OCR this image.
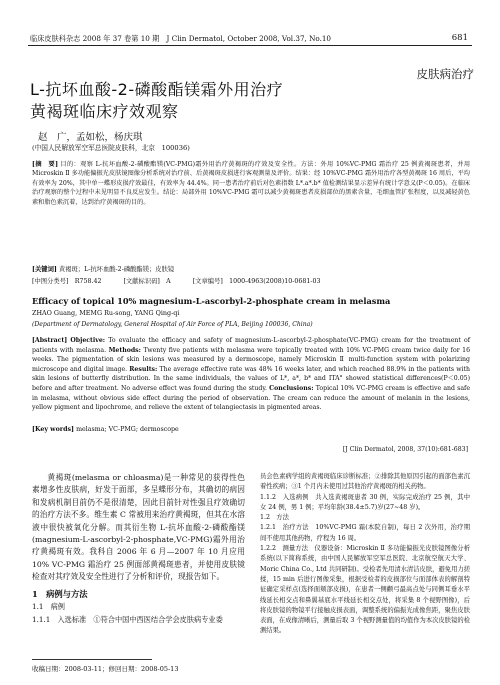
临床皮肤科杂志 2008 年 37 卷第 10 期　J Clin Dermatol, October 2008, Vol.37, No.10	681
皮肤病治疗
L-抗坏血酸-2-磷酸酯镁霜外用治疗
黄褐斑临床疗效观察
赵　广，孟如松，杨庆琪
(中国人民解放军空军总医院皮肤科，北京　100036)
[摘　要] 目的：观察 L-抗坏血酸-2-磷酸酯镁(VC-PMG)霜外用治疗黄褐斑的疗效及安全性。方法：外用 10%VC-PMG 霜治疗 25 例黄褐斑患者，并用 Microskin Ⅱ 多功能偏振光皮肤镜图像分析系统对治疗前、后黄褐斑皮损进行客观测量及评价。结果：经 10%VC-PMG 霜外用治疗各型黄褐斑 16 周后，平均有效率为 20%，其中单一蝶形皮损疗效最佳，有效率为 44.4%。同一患者治疗前后对色素指数 L*.a*.b* 值检测结果显示差异有统计学意义(P＜0.05)。在临床治疗观察的整个过程中未见明显不良反应发生。结论：局部外用 10%VC-PMG 霜可以减少黄褐斑患者皮损部位的黑素含量，毛细血管扩张程度，以及减轻黄色素和脂色素沉着，达到治疗黄褐斑的目的。
[关键词] 黄褐斑；L-抗坏血酸-2-磷酸酯镁；皮肤镜
[中图分类号]　R758.42	[文献标识码]　A	[文章编号]　1000-4963(2008)10-0681-03
Efficacy of topical 10% magnesium-L-ascorbyl-2-phosphate cream in melasma
ZHAO Guang, MEMG Ru-song, YANG Qing-qi
(Department of Dermatology, General Hospital of Air Force of PLA, Beijing 100036, China)
[Abstract] Objective: To evaluate the efficacy and safety of magnesium-L-ascorbyl-2-phosphate(VC-PMG) cream for the treatment of patients with melasma. Methods: Twenty five patients with melasma were topically treated with 10% VC-PMG cream twice daily for 16 weeks. The pigmentation of skin lesions was measured by a dermoscope, namely Microskin Ⅱ multi-function system with polarizing microscope and digital image. Results: The average effective rate was 48% 16 weeks later, and which reached 88.9% in the patients with skin lesions of butterfly distribution. In the same individuals, the values of L*, a*, b* and ITA° showed statistical differences(P＜0.05) before and after treatment. No adverse effect was found during the study. Conclusions: Topical 10% VC-PMG cream is effective and safe in melasma, without obvious side effect during the period of observation. The cream can reduce the amount of melanin in the lesions, yellow pigment and lipochrome, and relieve the extent of telangiectasis in pigmented areas.
[Key words] melasma; VC-PMG; dermoscope
[J Clin Dermatol, 2008, 37(10):681-683]

黄褐斑(melasma or chloasma)是一种常见的获得性色素增多性皮肤病，好发于面部，多呈蝶形分布，其确切的病因和发病机制目前仍不是很清楚，因此目前针对性强且疗效确切的治疗方法不多。维生素 C 常被用来治疗黄褐斑，但其在水溶液中很快被氧化分解。而其衍生物 L-抗坏血酸-2-磷酸酯镁(magnesium-L-ascorbyl-2-phosphate,VC-PMG)霜外用治疗黄褐斑有效。我科自 2006 年 6 月—2007 年 10 月应用 10% VC-PMG 霜治疗 25 例面部黄褐斑患者，并使用皮肤镜检查对其疗效及安全性进行了分析和评价，现报告如下。

1　病例与方法

1.1　病例

1.1.1　入选标准　①符合中国中西医结合学会皮肤病专业委

员会色素病学组的黄褐斑临床诊断标准；②排除其他原因引起的面部色素沉着性疾病；③1 个月内未使用过其他治疗黄褐斑的相关药物。

1.1.2　入选病例　共入选黄褐斑患者 30 例，实际完成治疗 25 例，其中女 24 例，男 1 例；平均年龄(38.4±5.7)岁(27~48 岁)。

1.2　方法

1.2.1　治疗方法　10%VC-PMG 霜(本院自制)，每日 2 次外用，治疗期间不使用其他药物，疗程为 16 周。

1.2.2　测量方法　仪器设备：Microskin Ⅱ 多功能偏振光皮肤镜图像分析系统(以下简称系统，由中国人民解放军空军总医院、北京航空航天大学、Moric China Co., Ltd 共同研制)。受检者先用清水清洁皮肤，避免用力搓揉，15 min 后进行图像采集，根据受检者的皮损部位与面部体表的解剖特征确定采样点(选择面颊部皮损)，在患者一侧颧弓最高点处与同侧耳垂水平线延长相交点和鼻翼基底水平线延长相交点处，将采集 8 个视野图像)，后将皮肤镜的物镜平行接触皮损表面，调整系统的偏振光成像焦距，聚焦皮肤表面，在成像清晰后，测量后取 3 个视野测量值的均值作为本次皮肤镜的检测结果。

收稿日期：2008-03-11；修回日期：2008-05-13
